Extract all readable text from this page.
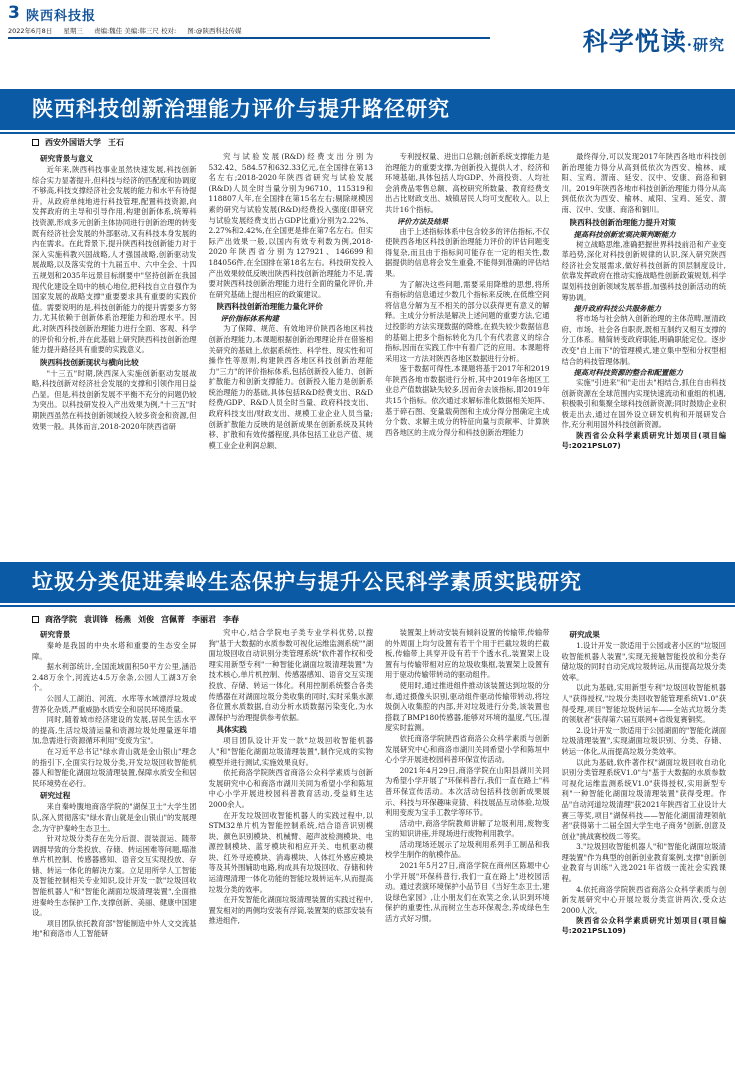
3 陕西科技报
2022年6月8日 星期三 责编:魏佳 美编:韩三尺 校对: 图:@陕西科技传媒	科学悦读·研究
陕西科技创新治理能力评价与提升路径研究
西安外国语大学 王石
研究背景与意义

近年来,陕西科技事业虽然快速发展,科技创新综合实力显著提升,但科技与经济的匹配度和协调度不够高,科技支撑经济社会发展的能力和水平有待提升。从政府单纯地进行科技管理,配置科技资源,向发挥政府的主导和引导作用,构建创新体系,统筹科技资源,形成多元创新主体协同进行创新治理的转变既有经济社会发展的外部驱动,又有科技本身发展的内在需求。在此背景下,提升陕西科技创新能力对于深入实施科教兴国战略,人才强国战略,创新驱动发展战略,以及落实党的十九届五中、六中全会、十四五规划和2035年远景目标纲要中"坚持创新在我国现代化建设全局中的核心地位,把科技自立自强作为国家发展的战略支撑"重要要求具有重要的实践价值。需要说明的是,科技创新能力的提升需要多方努力,尤其依赖于创新体系治理能力和治理水平。因此,对陕西科技创新治理能力进行全面、客观、科学的评价和分析,并在此基础上研究陕西科技创新治理能力提升路径具有重要的实践意义。

陕西科技创新现状与横向比较

"十三五"时期,陕西深入实施创新驱动发展战略,科技创新对经济社会发展的支撑和引领作用日益凸显。但是,科技创新发展不平衡不充分的问题仍较为突出。以科技研发投入产出效果为例,"十三五"时期陕西虽然在科技创新领域投入较多资金和资源,但效果一般。具体而言,2018-2020年陕西省研

究与试验发展(R&D)经费支出分别为532.42、584.57和632.33亿元,在全国排在第13名左右;2018-2020年陕西省研究与试验发展(R&D)人员全时当量分别为96710、115319和118807人年,在全国排在第15名左右;剔除规模因素的研究与试验发展(R&D)经费投入强度(即研究与试验发展经费支出占GDP比重)分别为2.22%、2.27%和2.42%,在全国更是排在第7名左右。但实际产出效果一般,以国内有效专利数为例,2018-2020年陕西省分别为127921、146699和184056件,在全国排在第18名左右。科技研发投入产出效果较低反映出陕西科技创新治理能力不足,需要对陕西科技创新治理能力进行全面的量化评价,并在研究基础上提出相应的政策建议。

陕西科技创新治理能力量化评价
评价指标体系构建

为了保障、规范、有效地评价陕西各地区科技创新治理能力,本课题根据创新治理理论并在借鉴相关研究的基础上,依据系统性、科学性、现实性和可操作性等原则,构建陕西各地区科技创新治理能力"三力"的评价指标体系,包括创新投入能力、创新扩散能力和创新支撑能力。创新投入能力是创新系统治理能力的基础,具体包括R&D经费支出、R&D经费/GDP、R&D人员全时当量、政府科技支出、政府科技支出/财政支出、规模工业企业人员当量;创新扩散能力反映的是创新成果在创新系统及其转移、扩散和有效传播程度,具体包括工业总产值、规模工业企业利润总额、

专利授权量、进出口总额;创新系统支撑能力是治理能力的重要支撑,为创新投入提供人才、经济和环境基础,具体包括人均GDP、外商投资、人均社会消费品零售总额、高校研究所数量、教育经费支出占比财政支出、城镇居民人均可支配收入。以上共计16个指标。

评价方法及结果

由于上述指标体系中包含较多的评估指标,不仅使陕西各地区科技创新治理能力评价的评估问题变得复杂,而且由于指标间可能存在一定的相关性,数据提供的信息将会发生重叠,不能得到准确的评估结果。

为了解决这些问题,需要采用降维的思想,将所有指标的信息通过少数几个指标来反映,在低维空间将信息分解为互不相关的部分以获得更有意义的解释。主成分分析法是解决上述问题的重要方法,它通过投影的方法实现数据的降维,在损失较少数据信息的基础上把多个指标转化为几个有代表意义的综合指标,因而在实践工作中有着广泛的应用。本课题将采用这一方法对陕西各地区数据进行分析。

鉴于数据可得性,本课题将基于2017年和2019年陕西各地市数据进行分析,其中2019年各地区工业总产值数据缺失较多,因而舍去该指标,即2019年共15个指标。依次通过求解标准化数据相关矩阵、基于碎石图、变量载荷图和主成分得分图确定主成分个数、求解主成分的特征向量与贡献率、计算陕西各地区的主成分得分和科技创新治理能力

最终得分,可以发现2017年陕西各地市科技创新治理能力得分从高到低依次为西安、榆林、咸阳、宝鸡、渭南、延安、汉中、安康、商洛和铜川。2019年陕西各地市科技创新治理能力得分从高到低依次为西安、榆林、咸阳、宝鸡、延安、渭南、汉中、安康、商洛和铜川。

陕西科技创新治理能力提升对策
提高科技创新宏观决策判断能力

树立战略思维,准确把握世界科技前沿和产业变革趋势,深化对科技创新规律的认识,深入研究陕西经济社会发展需求,做好科技创新的顶层制度设计,依靠发挥政府在推动实施战略性创新政策规划,科学谋划科技创新领域发展举措,加强科技创新活动的统筹协调。

提升政府科技公共服务能力

将市场与社会纳入创新治理的主体范畴,厘清政府、市场、社会各自职责,既相互制约又相互支撑的分工体系。精简转变政府职能,明确职能定位。逐步改变"自上而下"的管理模式,建立集中型和分权型相结合的科技管理体制。

提高对科技资源的整合和配置能力

实施"引进来"和"走出去"相结合,抓住自由科技创新资源在全球范围内实现快速流动和重组的机遇,积极吸引和集聚全球科技创新资源;同时鼓励企业积极走出去,通过在国外设立研发机构和开展研发合作,充分利用国外科技创新资源。

陕西省公众科学素质研究计划项目(项目编号:2021PSL07)

垃圾分类促进秦岭生态保护与提升公民科学素质实践研究
商洛学院 袁训锋 杨燕 刘俊 宫佩菁 李丽君 李春
研究背景

秦岭是我国的中央水塔和重要的生态安全屏障。

据水利部统计,全国流域面积50平方公里,涵沿2.48万余个,河流达4.5万余条,公园人工湖3万余个。

公园人工湖泊、河流、水库等水域漂浮垃圾或营养化杂质,严重威胁水质安全和居民环境质量。

同时,随着城市经济建设的发展,居民生活水平的提高,生活垃圾清运量和资源垃圾处理量逐年增加,急需进行资源循环利用"变废为宝"。

在习近平总书记"绿水青山就是金山银山"理念的指引下,全面实行垃圾分类,开发垃圾回收智能机器人和智能化湖面垃圾清理装置,保障水质安全和居民环境势在必行。

研究过程

来自秦岭腹地商洛学院的"湖保卫士"大学生团队,深入贯彻落实"绿水青山就是金山银山"的发展理念,为守护秦岭生态卫士。

针对垃圾分类存在先分后混、混装混运、随带调拥导致的分类投放、存储、转运困难等问题,瞄准单片机控制、传感器感知、语音交互实现投放、存储、转运一体化的解决方案。立足用所学人工智能及智能控制相关专业知识,设计开发一款"垃圾回收智能机器人"和"智能化湖面垃圾清理装置",全面推进秦岭生态保护工作,支撑创新、美丽、健康中国建设。

项目团队依托教育部"智能制造中外人文交流基地"和商洛市人工智能研

究中心,结合学院电子类专业学科优势,以搜狗"基于大数据的水质参数可视化运维监测系统""湖面垃圾回收自动识别分类管理系统"软件著作权和受理实用新型专利"一种智能化湖面垃圾清理装置"为技术核心,单片机控制、传感器感知、语音交互实现投放、存储、转运一体化。利用控制系统整合各类传感器在对湖面垃圾分类收集的同时,实时采集水源各位置水质数据,自动分析水质数据污染变化,为水源保护与治理提供参考依据。

具体实践

项目团队设计开发一款"垃圾回收智能机器人"和"智能化湖面垃圾清理装置",制作完成的实物模型并进行测试,实施效果良好。

依托商洛学院陕西省商洛公众科学素质与创新发展研究中心和商洛市湖川关同为希望小学和陈垣中心小学开展进校园科普教育活动,受益师生达2000余人。

在开发垃圾回收智能机器人的实践过程中,以STM32单片机为智能控制系统,结合语音识别模块、颜色识别模块、机械臂、超声波检测模块、电源控制模块、蓝牙模块和相应开关、电机驱动模块、红外寻迹模块、消毒模块、人体红外感应模块等及其外围辅助电路,构成具有垃圾回收、存储和转运清理清理一体化功能的智能垃圾转运车,从而提高垃圾分类的效率。

在开发智能化湖面垃圾清理装置的实践过程中,置发相对的两侧均安装有浮筒,装置架的底部安装有推进组件,

装置架上转动安装有倾斜设置的传输带,传输带的外周面上均匀设置有若干个用于拦截垃圾的拦截板,传输带上具穿开设有若干个透水孔,装置架上设置有与传输带相对应的垃圾收集框,装置架上设置有用于驱动传输带转动的驱动组件。

使用时,通过推进组件推动该装置达到垃圾的分布,通过摄像头识别,驱动组件驱动传输带转动,将垃圾倒入收集腔的内部,并对垃圾进行分类,该装置也搭载了BMP180传感器,能够对环境的温度,气压,湿度实时监测。

依托商洛学院陕西省商洛公众科学素质与创新发展研究中心和商洛市湖川关同希望小学和陈垣中心小学开展进校园科普环保宣传活动。

2021年4月29日,商洛学院在山阳县湖川关同为希望小学开展了"环保科普行,我们一直在路上"科普环保宣传活动。本次活动包括科技创新成果展示、科技与环保趣味竞猜、科技展品互动体验,垃圾利用变废为宝手工教学等环节。

活动中,商洛学院教师讲解了垃圾利用,废物变宝的知识讲座,并现场进行废物利用教学。

活动现场还展示了垃圾利用系列手工制品和我校学生制作的航模作品。

2021年5月27日,商洛学院在商州区陈塬中心小学开展"环保科普行,我们一直在路上"进校园活动。通过表演环境保护小品节目《当好生态卫士,建设绿色家园》,让小朋友们在欢笑之余,认识到环境保护的重要性,从而树立生态环保观念,养成绿色生活方式好习惯。

研究成果

1.设计开发一款适用于公园或者小区的"垃圾回收智能机器人装置",实现无接触智能投放和分类存储垃圾的同时自动完成垃圾转运,从而提高垃圾分类效率。

以此为基础,实用新型专利"垃圾回收智能机器人"获得授权,"垃圾分类回收智能管理系统V1.0"获得受理,项目"智能垃圾转运车——全站式垃圾分类的领航者"获得第六届互联网+省级复赛铜奖。

2.设计开发一款适用于公园湖面的"智能化湖面垃圾清理装置",实现湖面垃圾识别、分类、存储、转运一体化,从而提高垃圾分类效率。

以此为基础,软件著作权"湖面垃圾回收自动化识别分类管理系统V1.0"与"基于大数据的水质参数可视化运维监测系统V1.0"获得授权,实用新型专利"一种智能化湖面垃圾清理装置"获得受理。作品"自动河道垃圾清理"获2021年陕西省工业设计大赛三等奖,项目"湖保科技——智能化湖面清理领航者"获得第十二届全国大学生电子商务"创新,创意及创业"挑战赛校级二等奖。

3."垃圾回收智能机器人"和"智能化湖面垃圾清理装置"作为典型的创新创业教育案例,支撑"创新创业教育与训练"入选2021年省级一流社会实践课程。

4.依托商洛学院陕西省商洛公众科学素质与创新发展研究中心开展垃圾分类宣讲两次,受众达2000人次。

陕西省公众科学素质研究计划项目(项目编号:2021PSL109)
